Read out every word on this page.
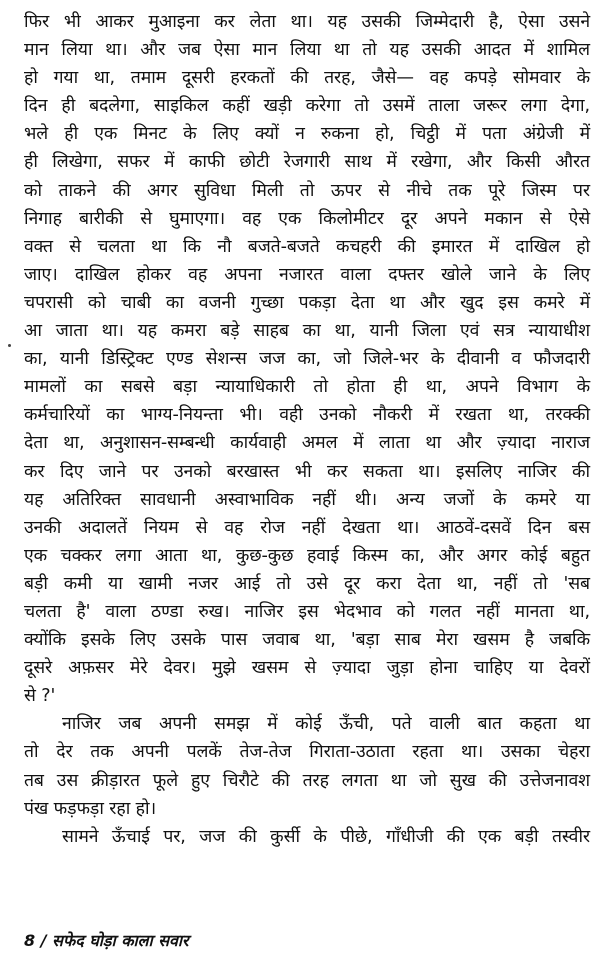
फिर भी आकर मुआइना कर लेता था। यह उसकी जिम्मेदारी है, ऐसा उसने
मान लिया था। और जब ऐसा मान लिया था तो यह उसकी आदत में शामिल
हो गया था, तमाम दूसरी हरकतों की तरह, जैसे— वह कपड़े सोमवार के
दिन ही बदलेगा, साइकिल कहीं खड़ी करेगा तो उसमें ताला जरूर लगा देगा,
भले ही एक मिनट के लिए क्यों न रुकना हो, चिट्ठी में पता अंग्रेजी में
ही लिखेगा, सफर में काफी छोटी रेजगारी साथ में रखेगा, और किसी औरत
को ताकने की अगर सुविधा मिली तो ऊपर से नीचे तक पूरे जिस्म पर
निगाह बारीकी से घुमाएगा। वह एक किलोमीटर दूर अपने मकान से ऐसे
वक्त से चलता था कि नौ बजते-बजते कचहरी की इमारत में दाखिल हो
जाए। दाखिल होकर वह अपना नजारत वाला दफ्तर खोले जाने के लिए
चपरासी को चाबी का वजनी गुच्छा पकड़ा देता था और खुद इस कमरे में
आ जाता था। यह कमरा बड़े साहब का था, यानी जिला एवं सत्र न्यायाधीश
का, यानी डिस्ट्रिक्ट एण्ड सेशन्स जज का, जो जिले-भर के दीवानी व फौजदारी
मामलों का सबसे बड़ा न्यायाधिकारी तो होता ही था, अपने विभाग के
कर्मचारियों का भाग्य-नियन्ता भी। वही उनको नौकरी में रखता था, तरक्की
देता था, अनुशासन-सम्बन्धी कार्यवाही अमल में लाता था और ज़्यादा नाराज
कर दिए जाने पर उनको बरखास्त भी कर सकता था। इसलिए नाजिर की
यह अतिरिक्त सावधानी अस्वाभाविक नहीं थी। अन्य जजों के कमरे या
उनकी अदालतें नियम से वह रोज नहीं देखता था। आठवें-दसवें दिन बस
एक चक्कर लगा आता था, कुछ-कुछ हवाई किस्म का, और अगर कोई बहुत
बड़ी कमी या खामी नजर आई तो उसे दूर करा देता था, नहीं तो 'सब
चलता है' वाला ठण्डा रुख। नाजिर इस भेदभाव को गलत नहीं मानता था,
क्योंकि इसके लिए उसके पास जवाब था, 'बड़ा साब मेरा खसम है जबकि
दूसरे अफ़सर मेरे देवर। मुझे खसम से ज़्यादा जुड़ा होना चाहिए या देवरों
से ?'
नाजिर जब अपनी समझ में कोई ऊँची, पते वाली बात कहता था
तो देर तक अपनी पलकें तेज-तेज गिराता-उठाता रहता था। उसका चेहरा
तब उस क्रीड़ारत फूले हुए चिरौटे की तरह लगता था जो सुख की उत्तेजनावश
पंख फड़फड़ा रहा हो।
सामने ऊँचाई पर, जज की कुर्सी के पीछे, गाँधीजी की एक बड़ी तस्वीर
8 / सफेद घोड़ा काला सवार
